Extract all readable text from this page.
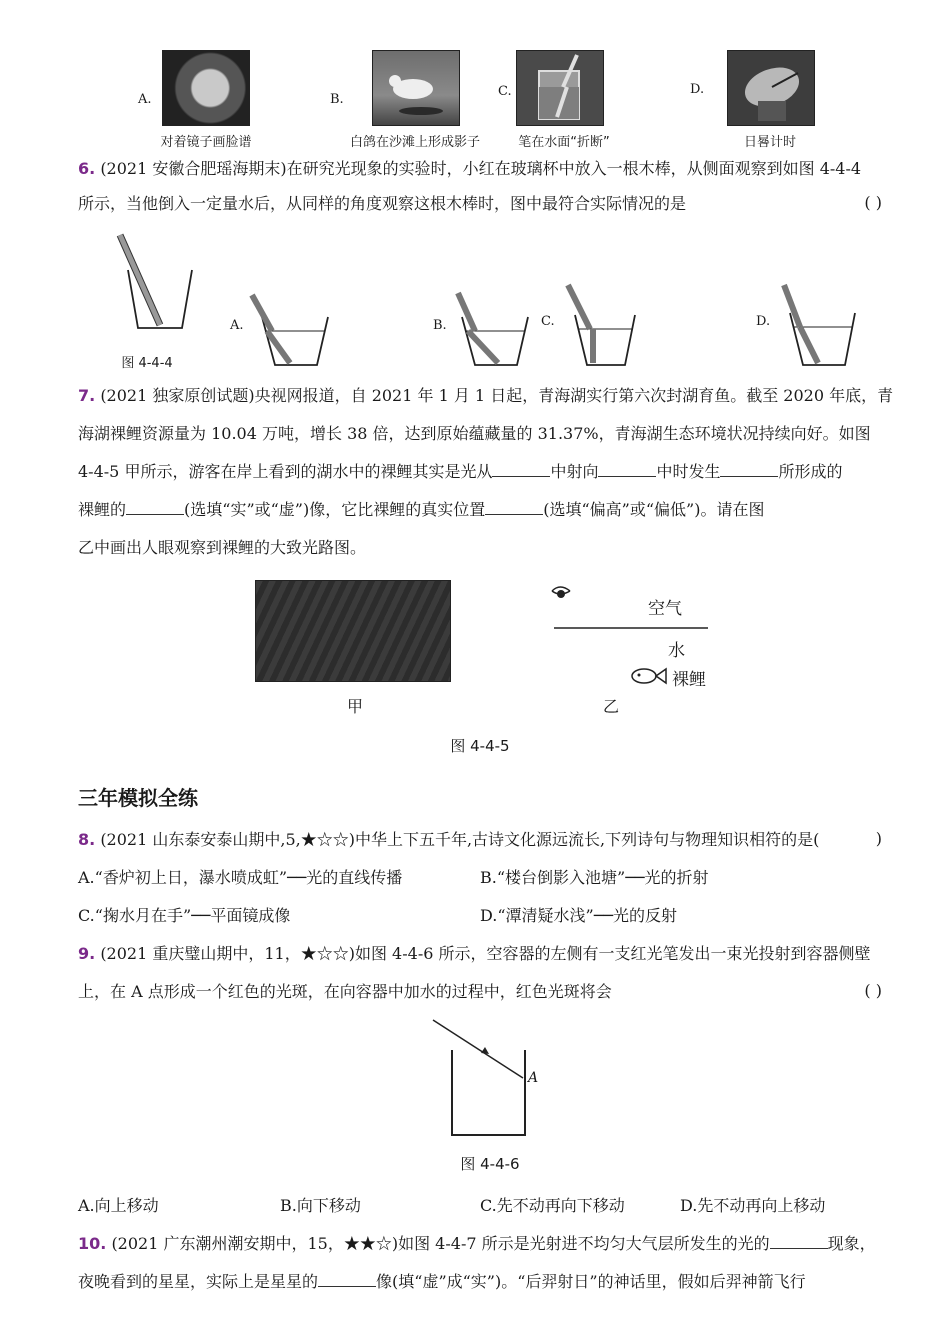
A.
对着镜子画脸谱
B.
白鸽在沙滩上形成影子
C.
笔在水面“折断”
D.
日晷计时
6. (2021 安徽合肥瑶海期末)在研究光现象的实验时，小红在玻璃杯中放入一根木棒，从侧面观察到如图 4-4-4
所示，当他倒入一定量水后，从同样的角度观察这根木棒时，图中最符合实际情况的是	( )
图 4-4-4
A.	B.	C.	D.
7. (2021 独家原创试题)央视网报道，自 2021 年 1 月 1 日起，青海湖实行第六次封湖育鱼。截至 2020 年底，青
海湖裸鲤资源量为 10.04 万吨，增长 38 倍，达到原始蕴藏量的 31.37%，青海湖生态环境状况持续向好。如图
4-4-5 甲所示，游客在岸上看到的湖水中的裸鲤其实是光从	中射向	中时发生	所形成的
裸鲤的	(选填“实”或“虚”)像，它比裸鲤的真实位置	(选填“偏高”或“偏低”)。请在图
乙中画出人眼观察到裸鲤的大致光路图。
甲
空气
水
裸鲤
乙
图 4-4-5
三年模拟全练
8. (2021 山东泰安泰山期中,5,★☆☆)中华上下五千年,古诗文化源远流长,下列诗句与物理知识相符的是(	)
A.“香炉初上日，瀑水喷成虹”──光的直线传播	B.“楼台倒影入池塘”──光的折射
C.“掬水月在手”──平面镜成像	D.“潭清疑水浅”──光的反射
9. (2021 重庆璧山期中，11，★☆☆)如图 4-4-6 所示，空容器的左侧有一支红光笔发出一束光投射到容器侧壁
上，在 A 点形成一个红色的光斑，在向容器中加水的过程中，红色光斑将会	( )
A
图 4-4-6
A.向上移动	B.向下移动	C.先不动再向下移动	D.先不动再向上移动
10. (2021 广东潮州潮安期中，15，★★☆)如图 4-4-7 所示是光射进不均匀大气层所发生的光的	现象，
夜晚看到的星星，实际上是星星的	像(填“虚”成“实”)。“后羿射日”的神话里，假如后羿神箭飞行
